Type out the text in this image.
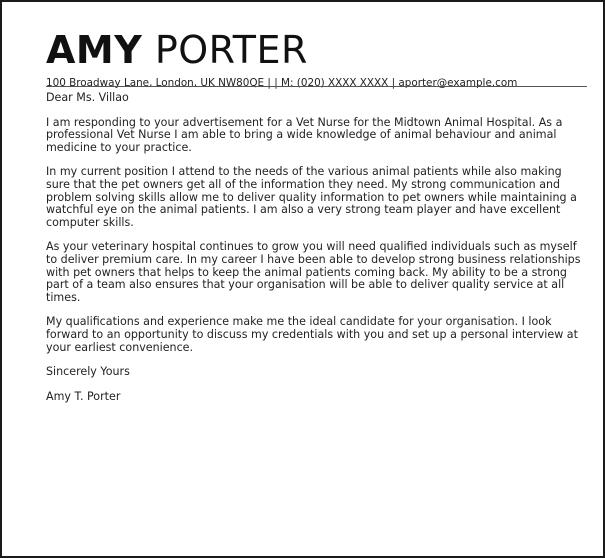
AMY PORTER
100 Broadway Lane, London, UK NW80QE | | M: (020) XXXX XXXX | aporter@example.com

Dear Ms. Villao

I am responding to your advertisement for a Vet Nurse for the Midtown Animal Hospital. As a professional Vet Nurse I am able to bring a wide knowledge of animal behaviour and animal medicine to your practice.

In my current position I attend to the needs of the various animal patients while also making sure that the pet owners get all of the information they need. My strong communication and problem solving skills allow me to deliver quality information to pet owners while maintaining a watchful eye on the animal patients. I am also a very strong team player and have excellent computer skills.

As your veterinary hospital continues to grow you will need qualified individuals such as myself to deliver premium care. In my career I have been able to develop strong business relationships with pet owners that helps to keep the animal patients coming back. My ability to be a strong part of a team also ensures that your organisation will be able to deliver quality service at all times.

My qualifications and experience make me the ideal candidate for your organisation. I look forward to an opportunity to discuss my credentials with you and set up a personal interview at your earliest convenience.

Sincerely Yours

Amy T. Porter
